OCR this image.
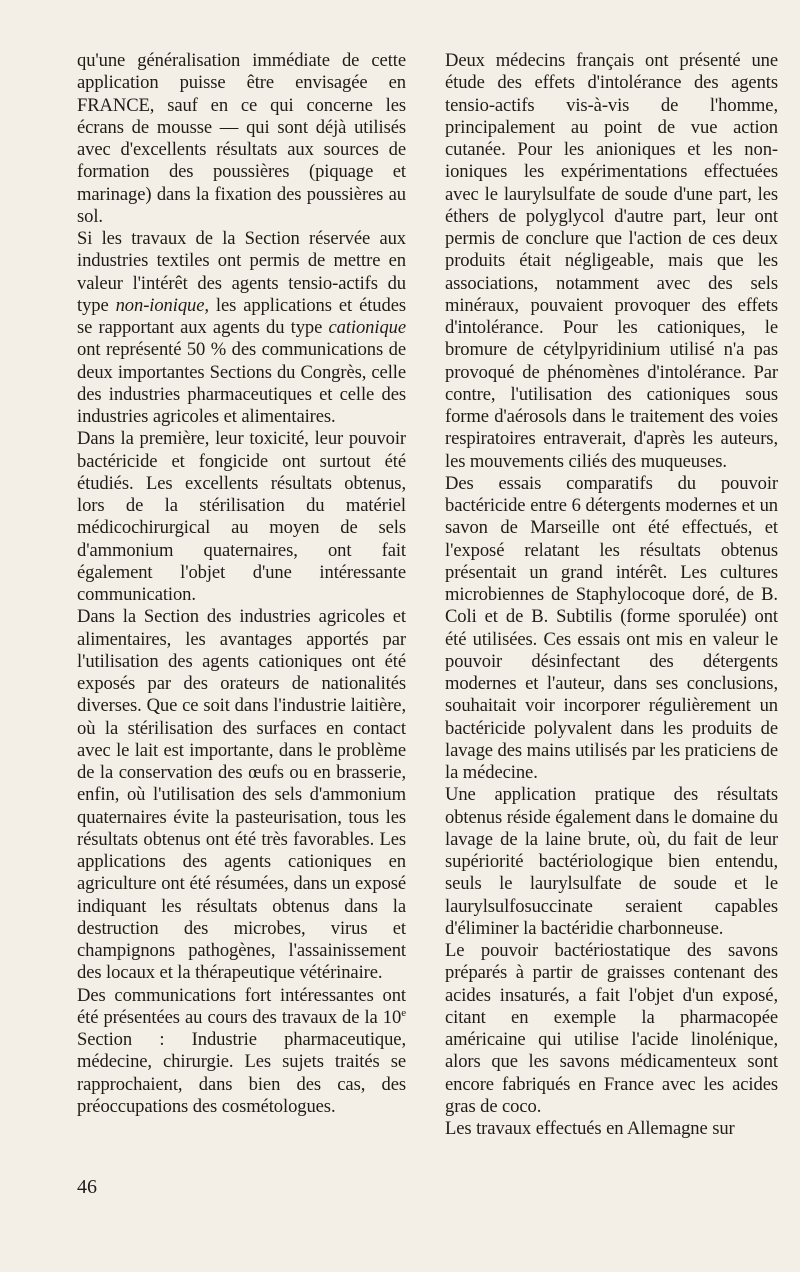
qu'une généralisation immédiate de cette application puisse être envisagée en FRANCE, sauf en ce qui concerne les écrans de mousse — qui sont déjà utilisés avec d'excellents résultats aux sources de formation des poussières (piquage et marinage) dans la fixation des poussières au sol.

Si les travaux de la Section réservée aux industries textiles ont permis de mettre en valeur l'intérêt des agents tensio-actifs du type non-ionique, les applications et études se rapportant aux agents du type cationique ont représenté 50 % des communications de deux importantes Sections du Congrès, celle des industries pharmaceutiques et celle des industries agricoles et alimentaires.

Dans la première, leur toxicité, leur pouvoir bactéricide et fongicide ont surtout été étudiés. Les excellents résultats obtenus, lors de la stérilisation du matériel médicochirurgical au moyen de sels d'ammonium quaternaires, ont fait également l'objet d'une intéressante communication.

Dans la Section des industries agricoles et alimentaires, les avantages apportés par l'utilisation des agents cationiques ont été exposés par des orateurs de nationalités diverses. Que ce soit dans l'industrie laitière, où la stérilisation des surfaces en contact avec le lait est importante, dans le problème de la conservation des œufs ou en brasserie, enfin, où l'utilisation des sels d'ammonium quaternaires évite la pasteurisation, tous les résultats obtenus ont été très favorables. Les applications des agents cationiques en agriculture ont été résumées, dans un exposé indiquant les résultats obtenus dans la destruction des microbes, virus et champignons pathogènes, l'assainissement des locaux et la thérapeutique vétérinaire.

Des communications fort intéressantes ont été présentées au cours des travaux de la 10e Section : Industrie pharmaceutique, médecine, chirurgie. Les sujets traités se rapprochaient, dans bien des cas, des préoccupations des cosmétologues.

Deux médecins français ont présenté une étude des effets d'intolérance des agents tensio-actifs vis-à-vis de l'homme, principalement au point de vue action cutanée. Pour les anioniques et les non-ioniques les expérimentations effectuées avec le laurylsulfate de soude d'une part, les éthers de polyglycol d'autre part, leur ont permis de conclure que l'action de ces deux produits était négligeable, mais que les associations, notamment avec des sels minéraux, pouvaient provoquer des effets d'intolérance. Pour les cationiques, le bromure de cétylpyridinium utilisé n'a pas provoqué de phénomènes d'intolérance. Par contre, l'utilisation des cationiques sous forme d'aérosols dans le traitement des voies respiratoires entraverait, d'après les auteurs, les mouvements ciliés des muqueuses.

Des essais comparatifs du pouvoir bactéricide entre 6 détergents modernes et un savon de Marseille ont été effectués, et l'exposé relatant les résultats obtenus présentait un grand intérêt. Les cultures microbiennes de Staphylocoque doré, de B. Coli et de B. Subtilis (forme sporulée) ont été utilisées. Ces essais ont mis en valeur le pouvoir désinfectant des détergents modernes et l'auteur, dans ses conclusions, souhaitait voir incorporer régulièrement un bactéricide polyvalent dans les produits de lavage des mains utilisés par les praticiens de la médecine.

Une application pratique des résultats obtenus réside également dans le domaine du lavage de la laine brute, où, du fait de leur supériorité bactériologique bien entendu, seuls le laurylsulfate de soude et le laurylsulfosuccinate seraient capables d'éliminer la bactéridie charbonneuse.

Le pouvoir bactériostatique des savons préparés à partir de graisses contenant des acides insaturés, a fait l'objet d'un exposé, citant en exemple la pharmacopée américaine qui utilise l'acide linolénique, alors que les savons médicamenteux sont encore fabriqués en France avec les acides gras de coco.

Les travaux effectués en Allemagne sur

46
